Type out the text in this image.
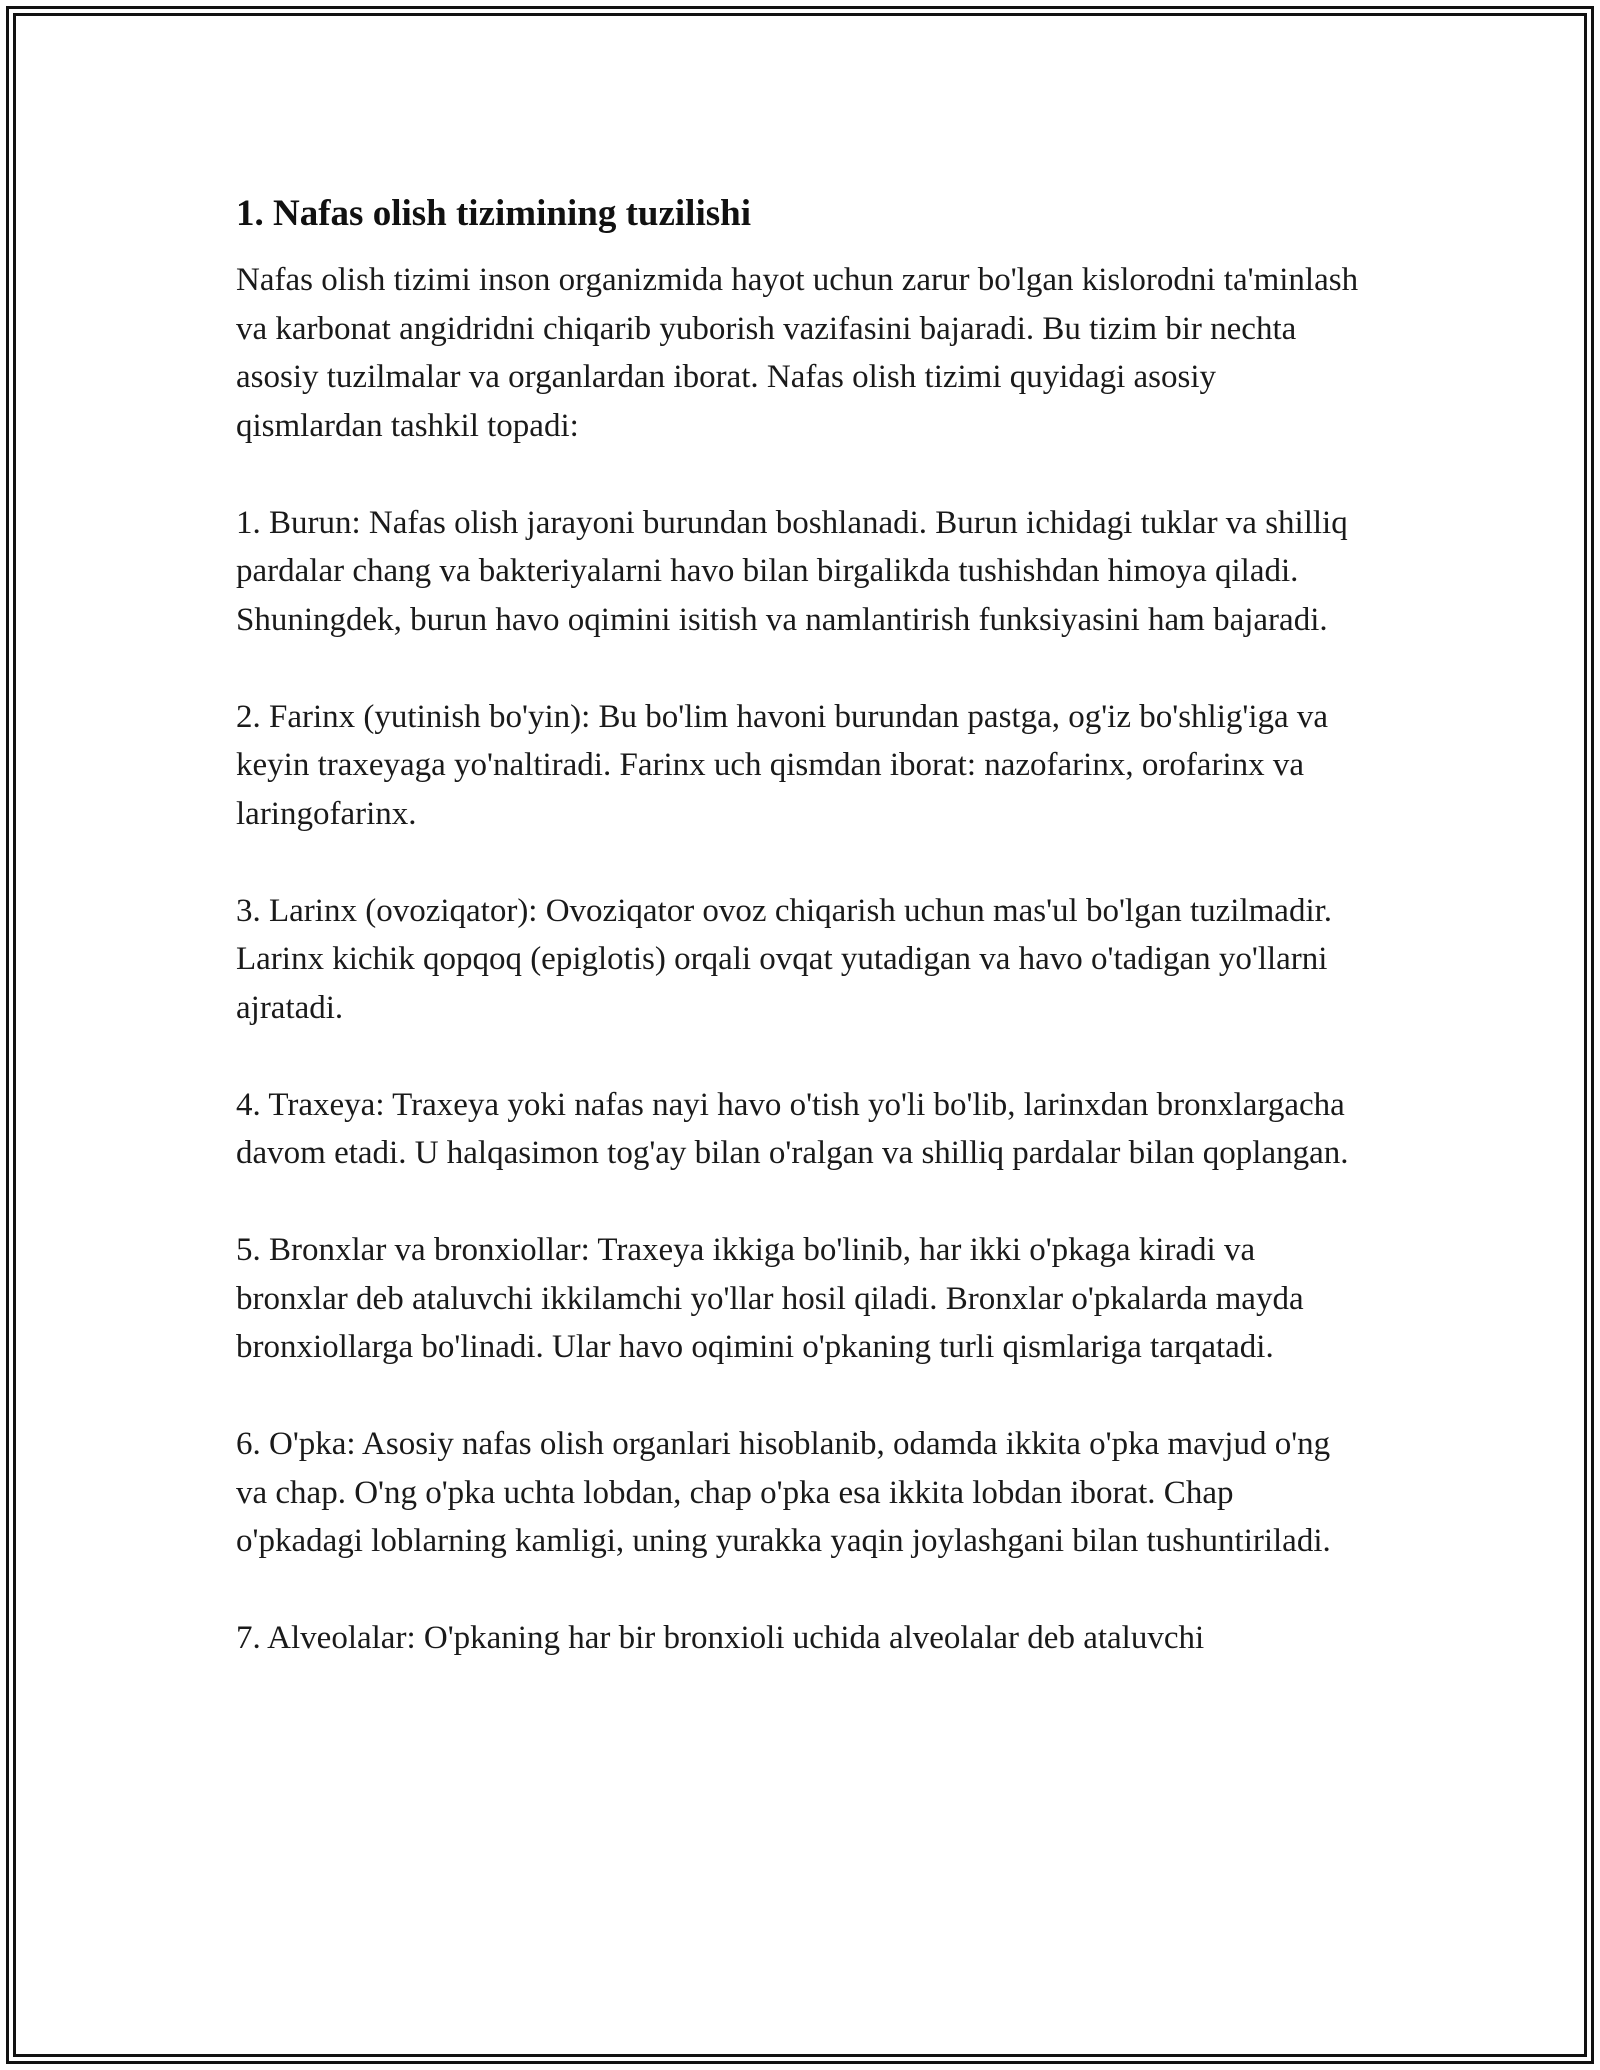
1. Nafas olish tizimining tuzilishi

Nafas olish tizimi inson organizmida hayot uchun zarur bo'lgan kislorodni ta'minlash va karbonat angidridni chiqarib yuborish vazifasini bajaradi. Bu tizim bir nechta asosiy tuzilmalar va organlardan iborat. Nafas olish tizimi quyidagi asosiy qismlardan tashkil topadi:

1. Burun: Nafas olish jarayoni burundan boshlanadi. Burun ichidagi tuklar va shilliq pardalar chang va bakteriyalarni havo bilan birgalikda tushishdan himoya qiladi. Shuningdek, burun havo oqimini isitish va namlantirish funksiyasini ham bajaradi.

2. Farinx (yutinish bo'yin): Bu bo'lim havoni burundan pastga, og'iz bo'shlig'iga va keyin traxeyaga yo'naltiradi. Farinx uch qismdan iborat: nazofarinx, orofarinx va laringofarinx.

3. Larinx (ovoziqator): Ovoziqator ovoz chiqarish uchun mas'ul bo'lgan tuzilmadir. Larinx kichik qopqoq (epiglotis) orqali ovqat yutadigan va havo o'tadigan yo'llarni ajratadi.

4. Traxeya: Traxeya yoki nafas nayi havo o'tish yo'li bo'lib, larinxdan bronxlargacha davom etadi. U halqasimon tog'ay bilan o'ralgan va shilliq pardalar bilan qoplangan.

5. Bronxlar va bronxiollar: Traxeya ikkiga bo'linib, har ikki o'pkaga kiradi va bronxlar deb ataluvchi ikkilamchi yo'llar hosil qiladi. Bronxlar o'pkalarda mayda bronxiollarga bo'linadi. Ular havo oqimini o'pkaning turli qismlariga tarqatadi.

6. O'pka: Asosiy nafas olish organlari hisoblanib, odamda ikkita o'pka mavjud o'ng va chap. O'ng o'pka uchta lobdan, chap o'pka esa ikkita lobdan iborat. Chap o'pkadagi loblarning kamligi, uning yurakka yaqin joylashgani bilan tushuntiriladi.

7. Alveolalar: O'pkaning har bir bronxioli uchida alveolalar deb ataluvchi
